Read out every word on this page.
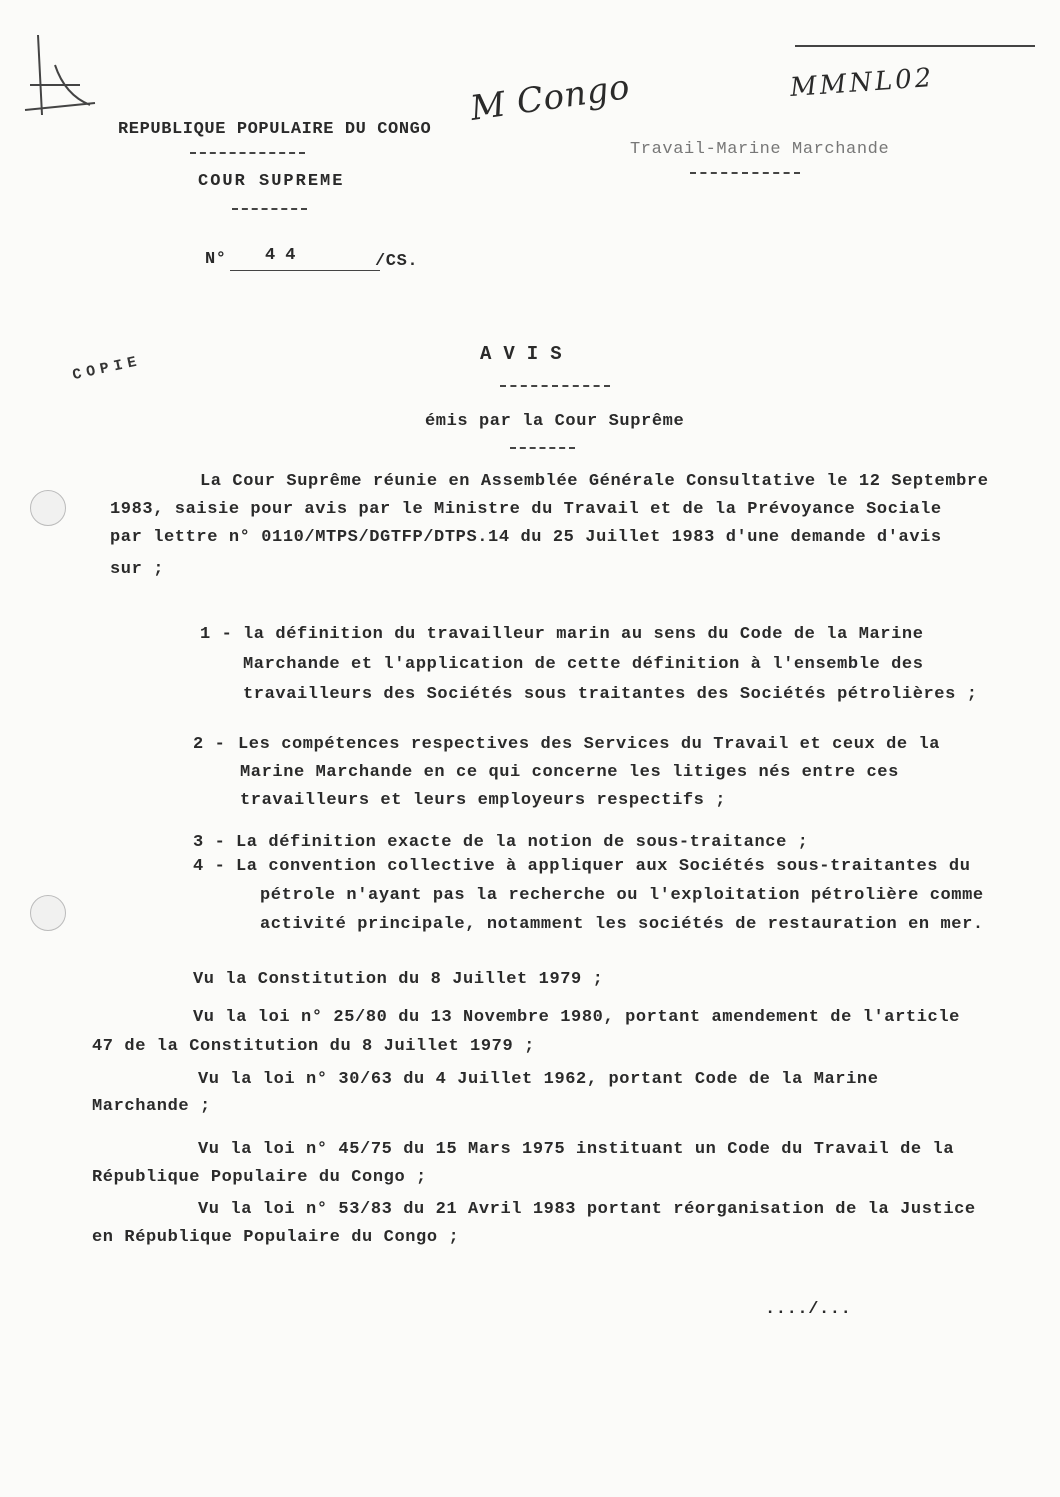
M Congo	MMNL02
REPUBLIQUE POPULAIRE DU CONGO
COUR SUPREME
Travail-Marine Marchande
N° 44	/CS.
COPIE	AVIS
émis par la Cour Suprême
La Cour Suprême réunie en Assemblée Générale Consultative le 12 Septembre
1983, saisie pour avis par le Ministre du Travail et de la Prévoyance Sociale
par lettre n° 0110/MTPS/DGTFP/DTPS.14 du 25 Juillet 1983 d'une demande d'avis
sur ;
1 - la définition du travailleur marin au sens du Code de la Marine
Marchande et l'application de cette définition à l'ensemble des
travailleurs des Sociétés sous traitantes des Sociétés pétrolières ;
2 - Les compétences respectives des Services du Travail et ceux de la
Marine Marchande en ce qui concerne les litiges nés entre ces
travailleurs et leurs employeurs respectifs ;
3 - La définition exacte de la notion de sous-traitance ;
4 - La convention collective à appliquer aux Sociétés sous-traitantes du
pétrole n'ayant pas la recherche ou l'exploitation pétrolière comme
activité principale, notamment les sociétés de restauration en mer.
Vu la Constitution du 8 Juillet 1979 ;
Vu la loi n° 25/80 du 13 Novembre 1980, portant amendement de l'article
47 de la Constitution du 8 Juillet 1979 ;
Vu la loi n° 30/63 du 4 Juillet 1962, portant Code de la Marine
Marchande ;
Vu la loi n° 45/75 du 15 Mars 1975 instituant un Code du Travail de la
République Populaire du Congo ;
Vu la loi n° 53/83 du 21 Avril 1983 portant réorganisation de la Justice
en République Populaire du Congo ;
..../...
